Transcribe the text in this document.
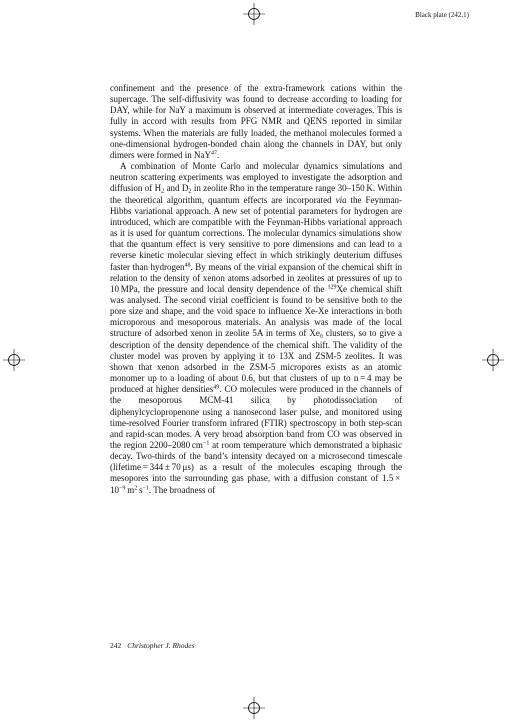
Black plate (242,1)

confinement and the presence of the extra-framework cations within the supercage. The self-diffusivity was found to decrease according to loading for DAY, while for NaY a maximum is observed at intermediate coverages. This is fully in accord with results from PFG NMR and QENS reported in similar systems. When the materials are fully loaded, the methanol molecules formed a one-dimensional hydrogen-bonded chain along the channels in DAY, but only dimers were formed in NaY$^{47}$.

A combination of Monte Carlo and molecular dynamics simulations and neutron scattering experiments was employed to investigate the adsorption and diffusion of $H_2$ and $D_2$ in zeolite Rho in the temperature range 30–150 K. Within the theoretical algorithm, quantum effects are incorporated via the Feynman-Hibbs variational approach. A new set of potential parameters for hydrogen are introduced, which are compatible with the Feynman-Hibbs variational approach as it is used for quantum corrections. The molecular dynamics simulations show that the quantum effect is very sensitive to pore dimensions and can lead to a reverse kinetic molecular sieving effect in which strikingly deuterium diffuses faster than hydrogen$^{48}$. By means of the virial expansion of the chemical shift in relation to the density of xenon atoms adsorbed in zeolites at pressures of up to 10 MPa, the pressure and local density dependence of the $^{129}$Xe chemical shift was analysed. The second virial coefficient is found to be sensitive both to the pore size and shape, and the void space to influence Xe-Xe interactions in both microporous and mesoporous materials. An analysis was made of the local structure of adsorbed xenon in zeolite 5A in terms of $Xe_n$ clusters, so to give a description of the density dependence of the chemical shift. The validity of the cluster model was proven by applying it to 13X and ZSM-5 zeolites. It was shown that xenon adsorbed in the ZSM-5 micropores exists as an atomic monomer up to a loading of about 0.6, but that clusters of up to n = 4 may be produced at higher densities$^{49}$. CO molecules were produced in the channels of the mesoporous MCM-41 silica by photodissociation of diphenylcyclopropenone using a nanosecond laser pulse, and monitored using time-resolved Fourier transform infrared (FTIR) spectroscopy in both step-scan and rapid-scan modes. A very broad absorption band from CO was observed in the region 2200–2080 $cm^{-1}$ at room temperature which demonstrated a biphasic decay. Two-thirds of the band’s intensity decayed on a microsecond timescale (lifetime = 344 ± 70 μs) as a result of the molecules escaping through the mesopores into the surrounding gas phase, with a diffusion constant of $1.5 \times 10^{-9}$ $m^2$ $s^{-1}$. The broadness of

242 Christopher J. Rhodes
